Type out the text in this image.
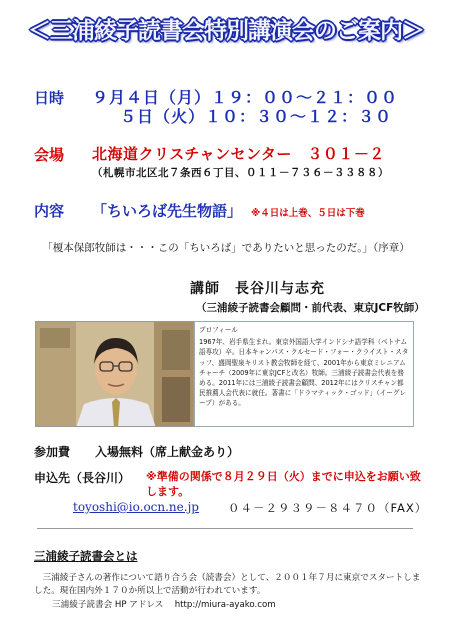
＜三浦綾子読書会特別講演会のご案内＞
日時 ９月４日（月）１９：００～２１：００
５日（火）１０：３０～１２：３０
会場 北海道クリスチャンセンター　３０１－２
（札幌市北区北７条西６丁目、０１１－７３６－３３８８）
内容 「ちいろば先生物語」 ※４日は上巻、５日は下巻
「榎本保郎牧師は・・・この「ちいろば」でありたいと思ったのだ。」（序章）
講師　長谷川与志充
（三浦綾子読書会顧問・前代表、東京JCF牧師）
プロフィール
1967年、岩手県生まれ。東京外国語大学インドシナ語学科（ベトナム語専攻）卒。日本キャンパス・クルセード・フォー・クライスト・スタッフ、盛岡聖泉キリスト教会牧師を経て、2001年から東京ミレニアムチャーチ（2009年に東京JCFと改名）牧師。三浦綾子読書会代表を務める。2011年には三浦綾子読書会顧問、2012年にはクリスチャン都民推薦人会代表に就任。著書に「ドラマティック・ゴッド」（イーグレープ）がある。
参加費 入場無料（席上献金あり）
申込先（長谷川） ※準備の関係で８月２９日（火）までに申込をお願い致します。
toyoshi@io.ocn.ne.jp	０４－２９３９－８４７０（FAX）
三浦綾子読書会とは
三浦綾子さんの著作について語り合う会（読書会）として、２００１年７月に東京でスタートしました。現在国内外１７０か所以上で活動が行われています。
三浦綾子読書会 HP アドレス　 http://miura-ayako.com
